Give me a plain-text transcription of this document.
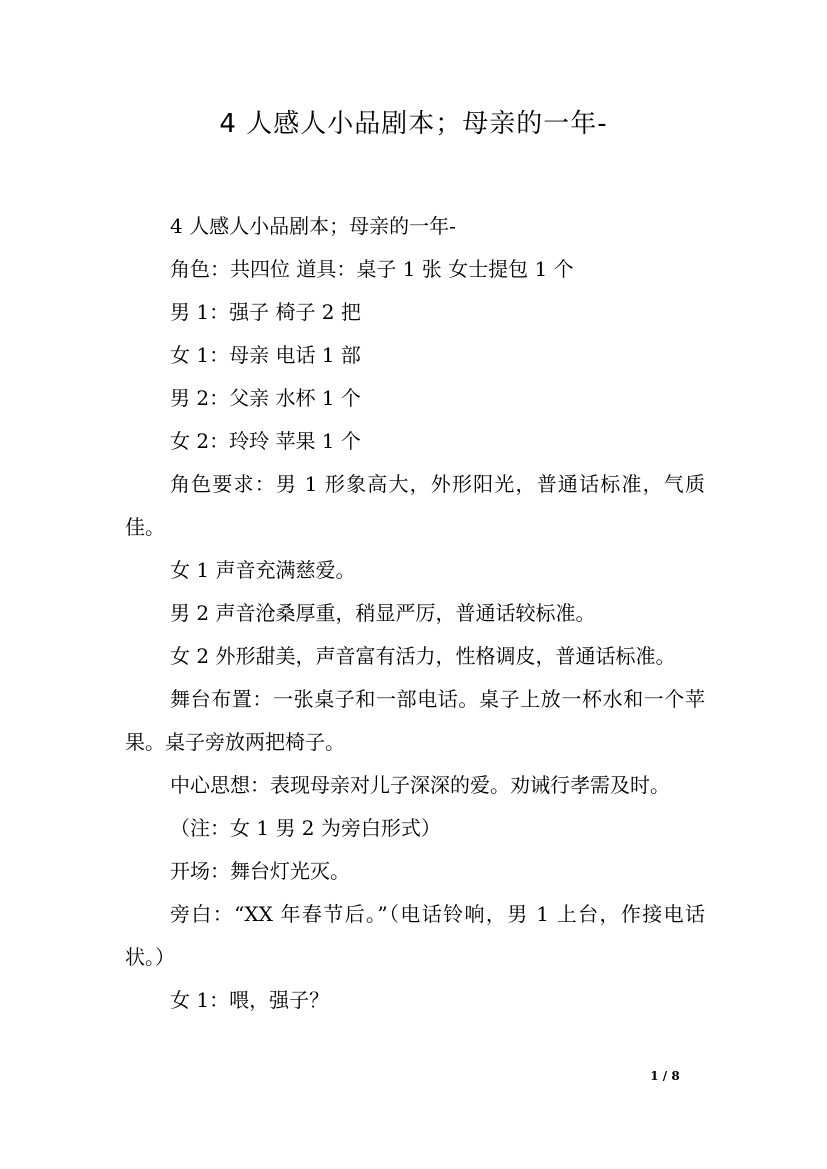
4 人感人小品剧本；母亲的一年-

4 人感人小品剧本；母亲的一年-

角色：共四位 道具：桌子 1 张 女士提包 1 个

男 1：强子 椅子 2 把

女 1：母亲 电话 1 部

男 2：父亲 水杯 1 个

女 2：玲玲 苹果 1 个

角色要求：男 1 形象高大，外形阳光，普通话标准，气质佳。

女 1 声音充满慈爱。

男 2 声音沧桑厚重，稍显严厉，普通话较标准。

女 2 外形甜美，声音富有活力，性格调皮，普通话标准。

舞台布置：一张桌子和一部电话。桌子上放一杯水和一个苹果。桌子旁放两把椅子。

中心思想：表现母亲对儿子深深的爱。劝诫行孝需及时。

（注：女 1 男 2 为旁白形式）

开场：舞台灯光灭。

旁白：“XX 年春节后。”（电话铃响，男 1 上台，作接电话状。）

女 1：喂，强子？

1 / 8
